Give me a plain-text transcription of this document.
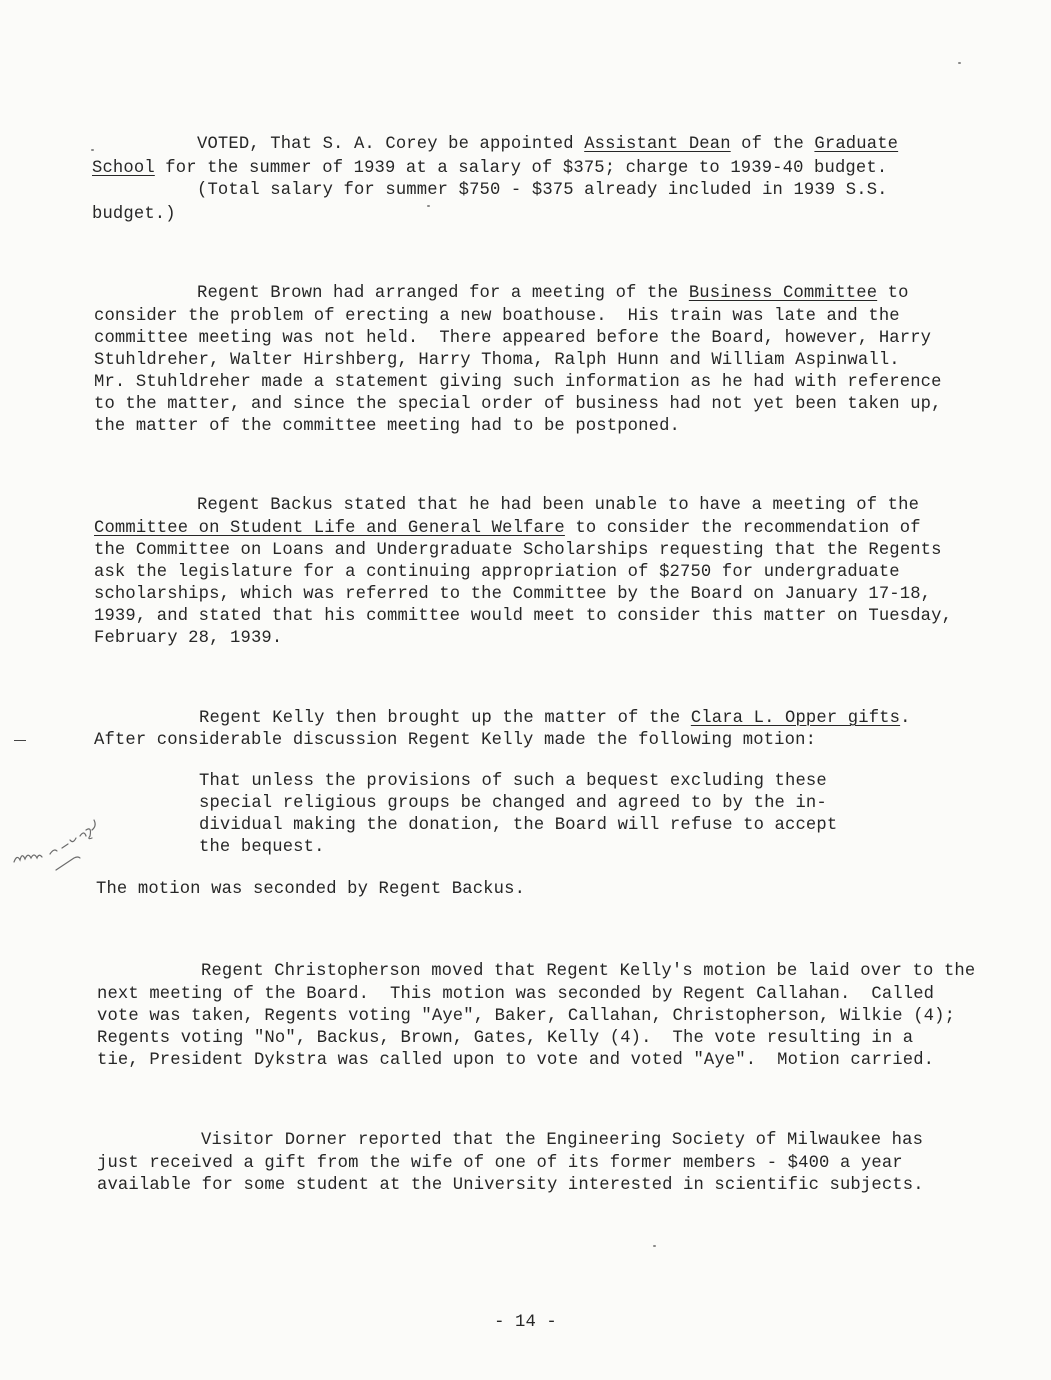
VOTED, That S. A. Corey be appointed Assistant Dean of the Graduate
School for the summer of 1939 at a salary of $375; charge to 1939-40 budget.
(Total salary for summer $750 - $375 already included in 1939 S.S.
budget.)
Regent Brown had arranged for a meeting of the Business Committee to
consider the problem of erecting a new boathouse.  His train was late and the
committee meeting was not held.  There appeared before the Board, however, Harry
Stuhldreher, Walter Hirshberg, Harry Thoma, Ralph Hunn and William Aspinwall.
Mr. Stuhldreher made a statement giving such information as he had with reference
to the matter, and since the special order of business had not yet been taken up,
the matter of the committee meeting had to be postponed.
Regent Backus stated that he had been unable to have a meeting of the
Committee on Student Life and General Welfare to consider the recommendation of
the Committee on Loans and Undergraduate Scholarships requesting that the Regents
ask the legislature for a continuing appropriation of $2750 for undergraduate
scholarships, which was referred to the Committee by the Board on January 17-18,
1939, and stated that his committee would meet to consider this matter on Tuesday,
February 28, 1939.
Regent Kelly then brought up the matter of the Clara L. Opper gifts.
After considerable discussion Regent Kelly made the following motion:
That unless the provisions of such a bequest excluding these
special religious groups be changed and agreed to by the in-
dividual making the donation, the Board will refuse to accept
the bequest.
The motion was seconded by Regent Backus.
Regent Christopherson moved that Regent Kelly's motion be laid over to the
next meeting of the Board.  This motion was seconded by Regent Callahan.  Called
vote was taken, Regents voting "Aye", Baker, Callahan, Christopherson, Wilkie (4);
Regents voting "No", Backus, Brown, Gates, Kelly (4).  The vote resulting in a
tie, President Dykstra was called upon to vote and voted "Aye".  Motion carried.
Visitor Dorner reported that the Engineering Society of Milwaukee has
just received a gift from the wife of one of its former members - $400 a year
available for some student at the University interested in scientific subjects.
- 14 -
